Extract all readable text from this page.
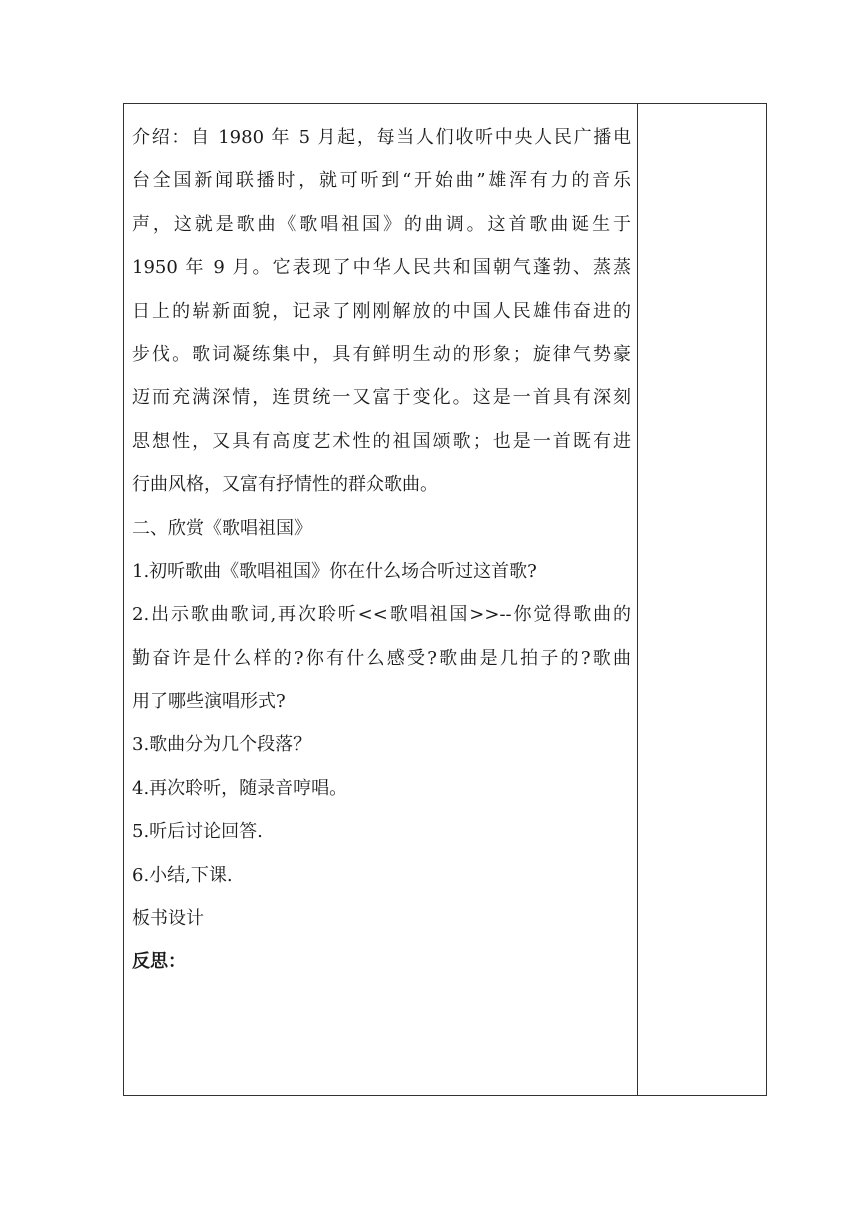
介绍：自 1980 年 5 月起，每当人们收听中央人民广播电
台全国新闻联播时，就可听到“开始曲”雄浑有力的音乐
声，这就是歌曲《歌唱祖国》的曲调。这首歌曲诞生于
1950 年 9 月。它表现了中华人民共和国朝气蓬勃、蒸蒸
日上的崭新面貌，记录了刚刚解放的中国人民雄伟奋进的
步伐。歌词凝练集中，具有鲜明生动的形象；旋律气势豪
迈而充满深情，连贯统一又富于变化。这是一首具有深刻
思想性，又具有高度艺术性的祖国颂歌；也是一首既有进
行曲风格，又富有抒情性的群众歌曲。
二、欣赏《歌唱祖国》
1.初听歌曲《歌唱祖国》你在什么场合听过这首歌?
2.出示歌曲歌词,再次聆听<<歌唱祖国>>--你觉得歌曲的
勤奋许是什么样的?你有什么感受?歌曲是几拍子的?歌曲
用了哪些演唱形式?
3.歌曲分为几个段落？
4.再次聆听，随录音哼唱。
5.听后讨论回答.
6.小结,下课.
板书设计
反思：
